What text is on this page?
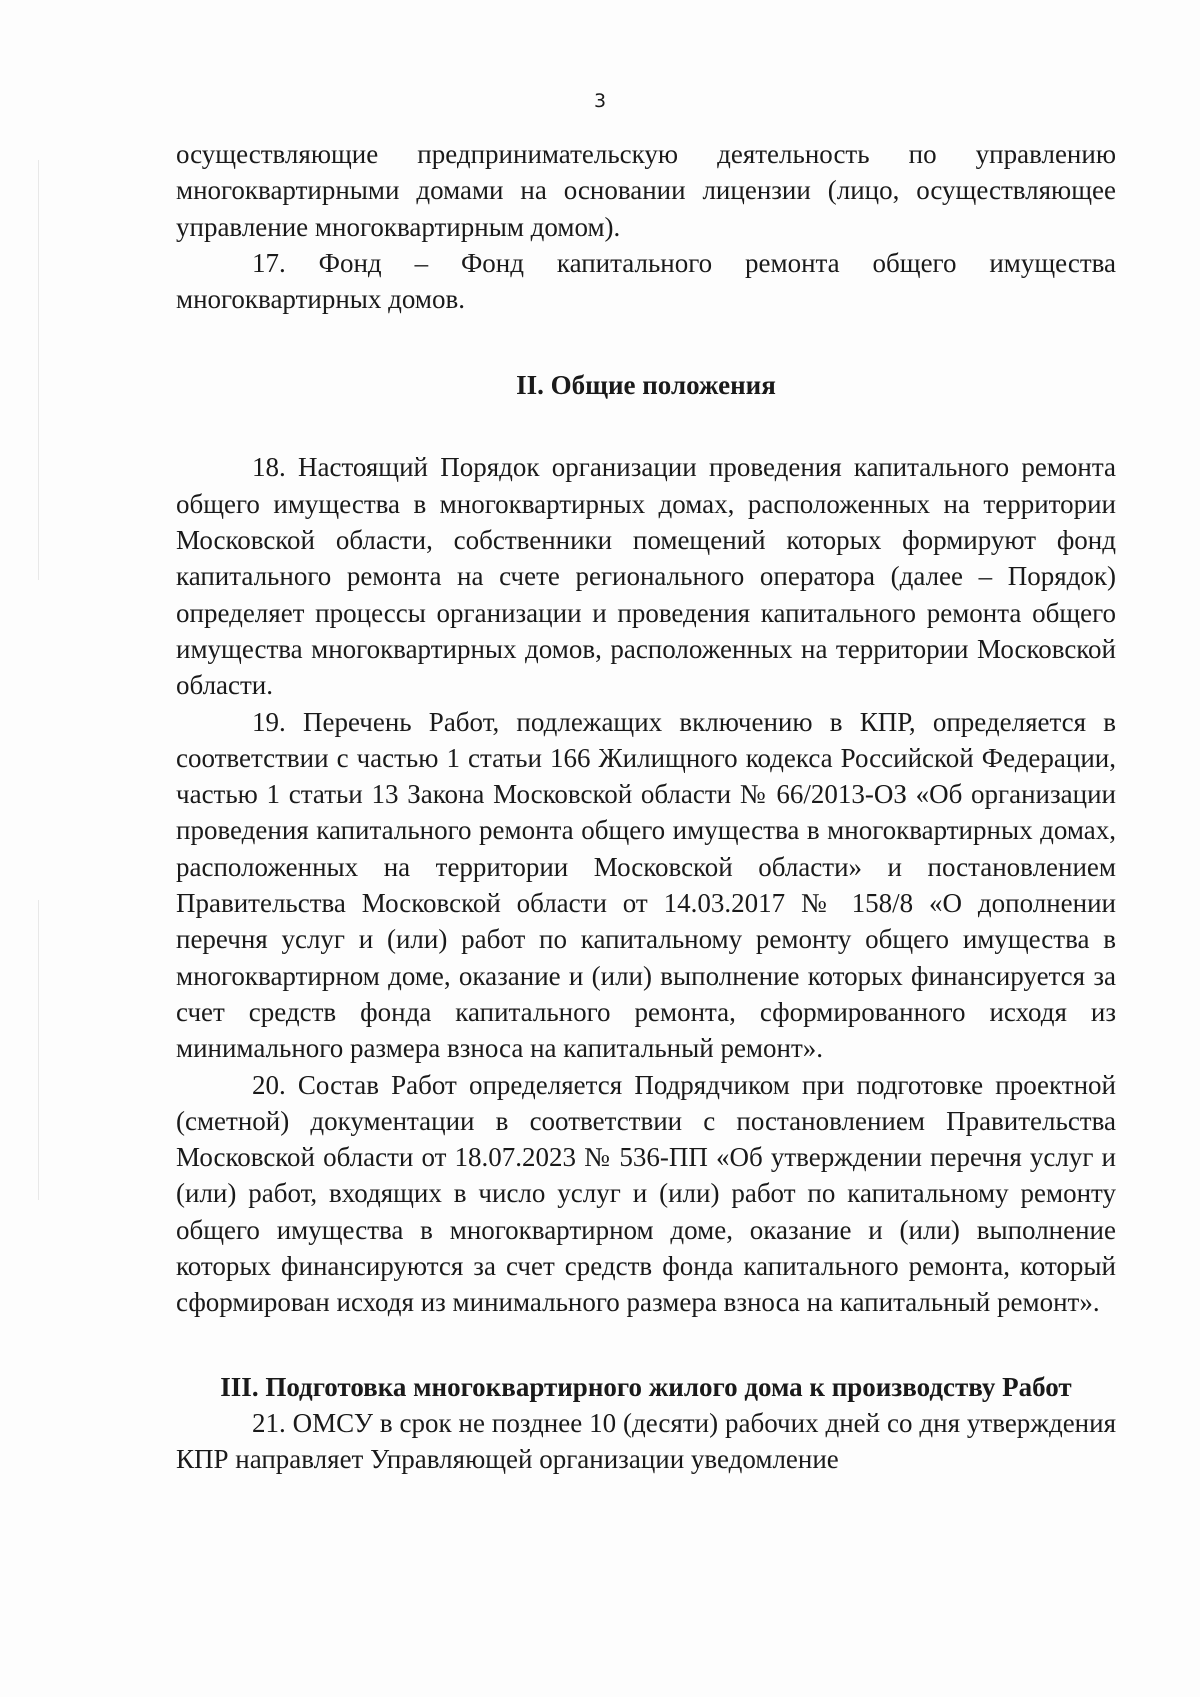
3

осуществляющие предпринимательскую деятельность по управлению многоквартирными домами на основании лицензии (лицо, осуществляющее управление многоквартирным домом).

17. Фонд – Фонд капитального ремонта общего имущества многоквартирных домов.

II. Общие положения

18. Настоящий Порядок организации проведения капитального ремонта общего имущества в многоквартирных домах, расположенных на территории Московской области, собственники помещений которых формируют фонд капитального ремонта на счете регионального оператора (далее – Порядок) определяет процессы организации и проведения капитального ремонта общего имущества многоквартирных домов, расположенных на территории Московской области.

19. Перечень Работ, подлежащих включению в КПР, определяется в соответствии с частью 1 статьи 166 Жилищного кодекса Российской Федерации, частью 1 статьи 13 Закона Московской области № 66/2013-ОЗ «Об организации проведения капитального ремонта общего имущества в многоквартирных домах, расположенных на территории Московской области» и постановлением Правительства Московской области от 14.03.2017 № 158/8 «О дополнении перечня услуг и (или) работ по капитальному ремонту общего имущества в многоквартирном доме, оказание и (или) выполнение которых финансируется за счет средств фонда капитального ремонта, сформированного исходя из минимального размера взноса на капитальный ремонт».

20. Состав Работ определяется Подрядчиком при подготовке проектной (сметной) документации в соответствии с постановлением Правительства Московской области от 18.07.2023 № 536-ПП «Об утверждении перечня услуг и (или) работ, входящих в число услуг и (или) работ по капитальному ремонту общего имущества в многоквартирном доме, оказание и (или) выполнение которых финансируются за счет средств фонда капитального ремонта, который сформирован исходя из минимального размера взноса на капитальный ремонт».

III. Подготовка многоквартирного жилого дома к производству Работ

21. ОМСУ в срок не позднее 10 (десяти) рабочих дней со дня утверждения КПР направляет Управляющей организации уведомление
